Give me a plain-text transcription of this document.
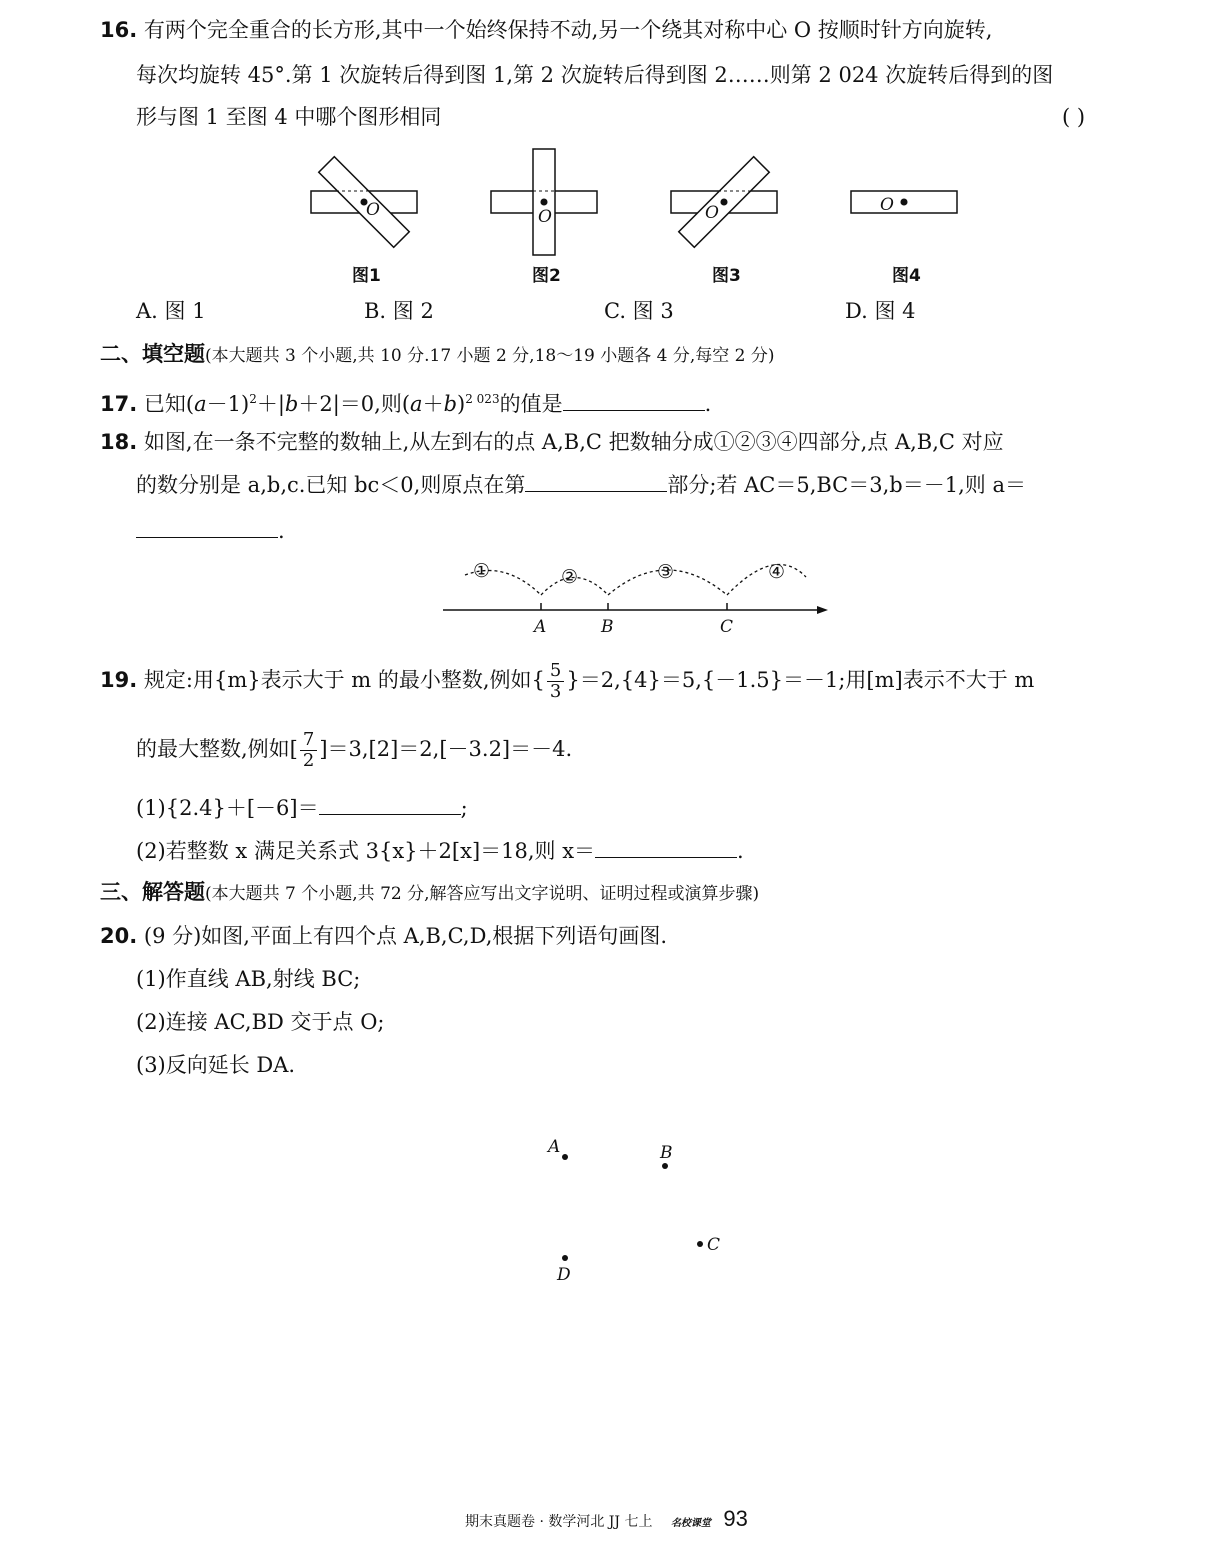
16. 有两个完全重合的长方形,其中一个始终保持不动,另一个绕其对称中心 O 按顺时针方向旋转,
每次均旋转 45°.第 1 次旋转后得到图 1,第 2 次旋转后得到图 2……则第 2 024 次旋转后得到的图
形与图 1 至图 4 中哪个图形相同	( )
O	O	O	O
图1	图2	图3	图4
A. 图 1	B. 图 2	C. 图 3	D. 图 4
二、填空题(本大题共 3 个小题,共 10 分.17 小题 2 分,18～19 小题各 4 分,每空 2 分)
17. 已知$(a-1)^2+|b+2|=0$,则$(a+b)^{2 023}$的值是	.
18. 如图,在一条不完整的数轴上,从左到右的点 A,B,C 把数轴分成①②③④四部分,点 A,B,C 对应
的数分别是 a,b,c.已知 bc＜0,则原点在第	部分;若 AC＝5,BC＝3,b＝－1,则 a＝
.
①	②	③	④
A	B	C
19. 规定:用{m}表示大于 m 的最小整数,例如{ $\frac{5}{3} \}=2,\{4\}=5,\{-1.5\}=-1$;用[m]表示不大于 m
的最大整数,例如[ $\frac{7}{2} ]=3,[2]=2,[-3.2]=-4$.
(1){2.4}＋[－6]＝	;
(2)若整数 x 满足关系式 3{x}＋2[x]＝18,则 x＝	.
三、解答题(本大题共 7 个小题,共 72 分,解答应写出文字说明、证明过程或演算步骤)
20. (9 分)如图,平面上有四个点 A,B,C,D,根据下列语句画图.
(1)作直线 AB,射线 BC;
(2)连接 AC,BD 交于点 O;
(3)反向延长 DA.
A	B
C
D
期末真题卷 · 数学河北 JJ 七上 名校课堂 93
